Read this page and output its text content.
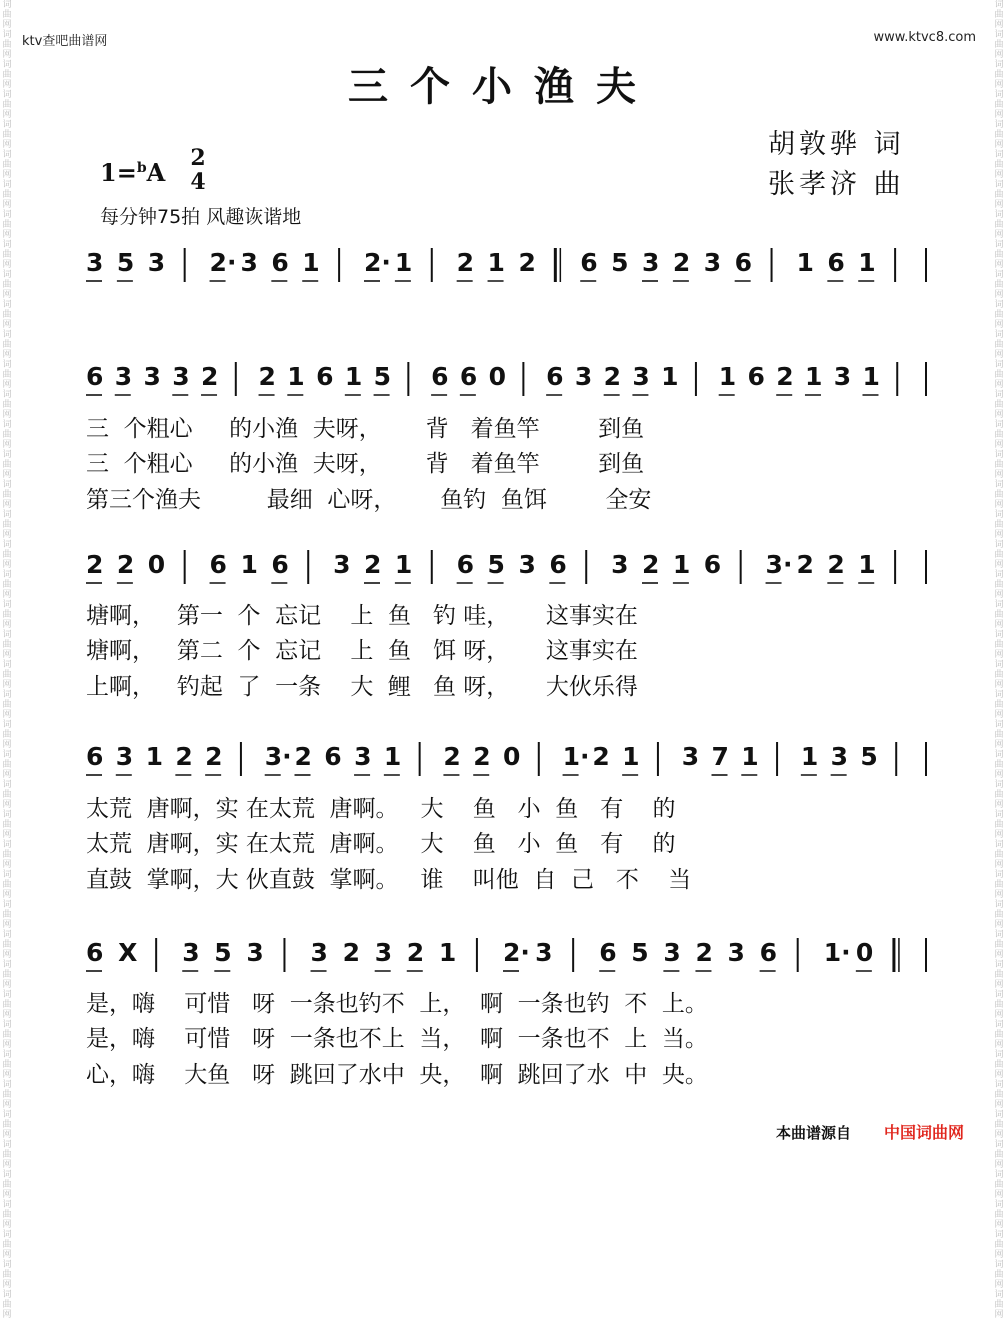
词曲网词曲网词曲网词曲网词曲网词曲网词曲网词曲网词曲网词曲网词曲网词曲网词曲网词曲网词曲网词曲网词曲网词曲网词曲网词曲网词曲网词曲网词曲网词曲网词曲网词曲网词曲网词曲网词曲网词曲网词曲网词曲网词曲网词曲网词曲网词曲网词曲网词曲网词曲网词曲网词曲网词曲网词曲网词曲网
词曲网词曲网词曲网词曲网词曲网词曲网词曲网词曲网词曲网词曲网词曲网词曲网词曲网词曲网词曲网词曲网词曲网词曲网词曲网词曲网词曲网词曲网词曲网词曲网词曲网词曲网词曲网词曲网词曲网词曲网词曲网词曲网词曲网词曲网词曲网词曲网词曲网词曲网词曲网词曲网词曲网词曲网词曲网词曲网
ktv查吧曲谱网	www.ktvc8.com
三个小渔夫
胡敦骅 词
张孝济 曲
1=$^b$A 2
4
每分钟75拍 风趣诙谐地
3 5 3 2· 3 6 1 2· 1 2 1 2 6 5 3 2 3 6 1 6 1
6 3 3 3 2 2 1 6 1 5 6 6 0 6 3 2 3 1 1 6 2 1 3 1
三  个粗心     的小渔  夫呀，      背   着鱼竿        到鱼
三  个粗心     的小渔  夫呀，      背   着鱼竿        到鱼
第三个渔夫         最细  心呀，      鱼钓  鱼饵        全安
2 2 0 6 1 6 3 2 1 6 5 3 6 3 2 1 6 3· 2 2 1
塘啊，   第一  个  忘记    上  鱼   钓 哇，     这事实在
塘啊，   第二  个  忘记    上  鱼   饵 呀，     这事实在
上啊，   钓起  了  一条    大  鲤   鱼 呀，     大伙乐得
6 3 1 2 2 3· 2 6 3 1 2 2 0 1· 2 1 3 7 1 1 3 5
太荒  唐啊，实 在太荒  唐啊。   大    鱼   小  鱼   有    的
太荒  唐啊，实 在太荒  唐啊。   大    鱼   小  鱼   有    的
直鼓  掌啊，大 伙直鼓  掌啊。   谁    叫他  自  己   不    当
6 X 3 5 3 3 2 3 2 1 2· 3 6 5 3 2 3 6 1· 0
是，嗨    可惜   呀  一条也钓不  上，  啊  一条也钓  不  上。
是，嗨    可惜   呀  一条也不上  当，  啊  一条也不  上  当。
心，嗨    大鱼   呀  跳回了水中  央，  啊  跳回了水  中  央。
本曲谱源自 中国词曲网
